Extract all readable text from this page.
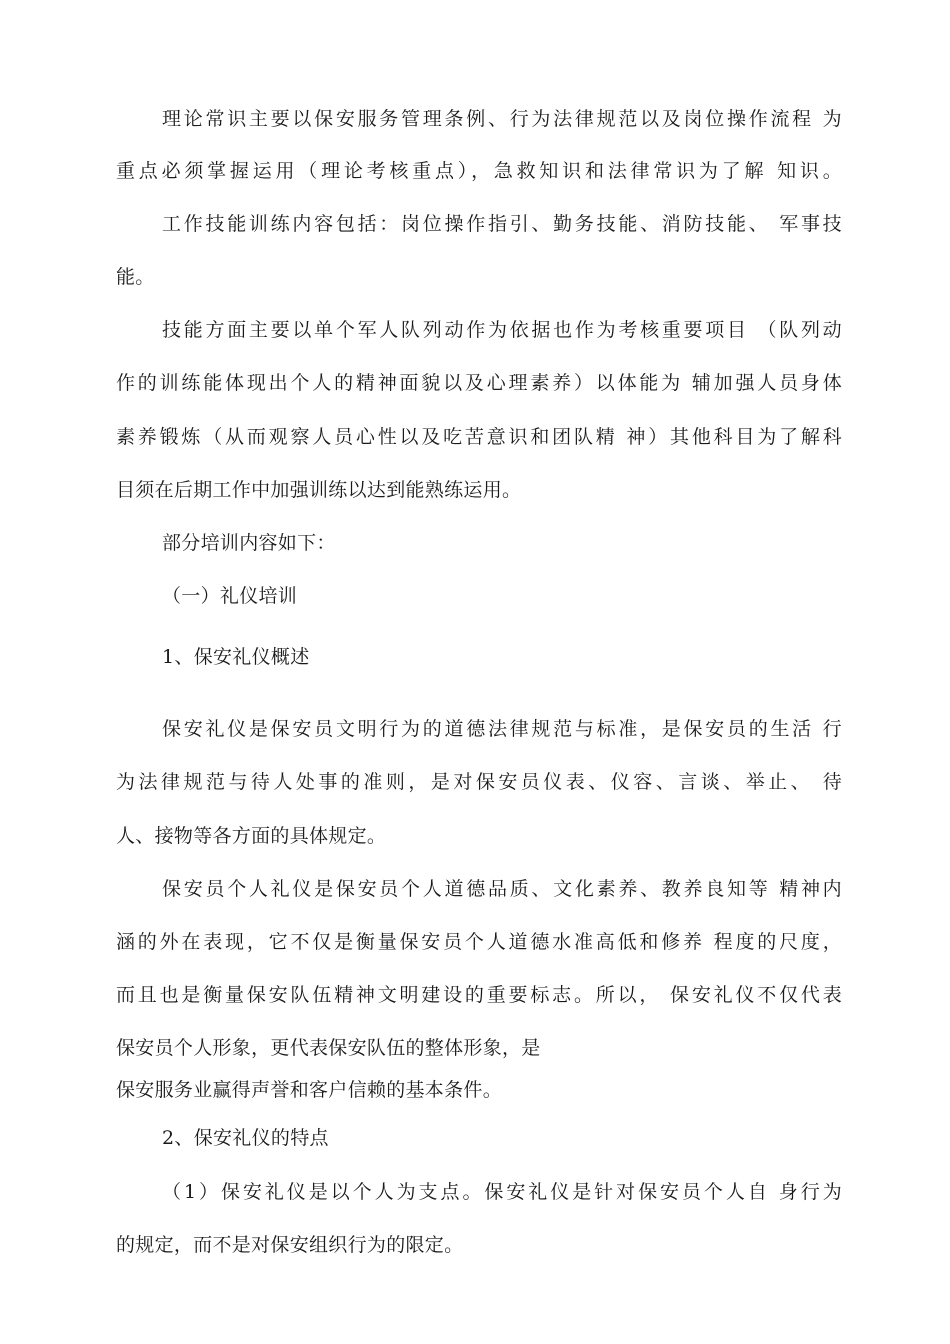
理论常识主要以保安服务管理条例、行为法律规范以及岗位操作流程 为
重点必须掌握运用（理论考核重点），急救知识和法律常识为了解 知识。
工作技能训练内容包括：岗位操作指引、勤务技能、消防技能、 军事技
能。
技能方面主要以单个军人队列动作为依据也作为考核重要项目 （队列动
作的训练能体现出个人的精神面貌以及心理素养）以体能为 辅加强人员身体
素养锻炼（从而观察人员心性以及吃苦意识和团队精 神）其他科目为了解科
目须在后期工作中加强训练以达到能熟练运用。
部分培训内容如下：
（一）礼仪培训
1、保安礼仪概述
保安礼仪是保安员文明行为的道德法律规范与标准，是保安员的生活 行
为法律规范与待人处事的准则，是对保安员仪表、仪容、言谈、举止、 待
人、接物等各方面的具体规定。
保安员个人礼仪是保安员个人道德品质、文化素养、教养良知等 精神内
涵的外在表现，它不仅是衡量保安员个人道德水准高低和修养 程度的尺度，
而且也是衡量保安队伍精神文明建设的重要标志。所以， 保安礼仪不仅代表
保安员个人形象，更代表保安队伍的整体形象，是
保安服务业赢得声誉和客户信赖的基本条件。
2、保安礼仪的特点
（1）保安礼仪是以个人为支点。保安礼仪是针对保安员个人自 身行为
的规定，而不是对保安组织行为的限定。
